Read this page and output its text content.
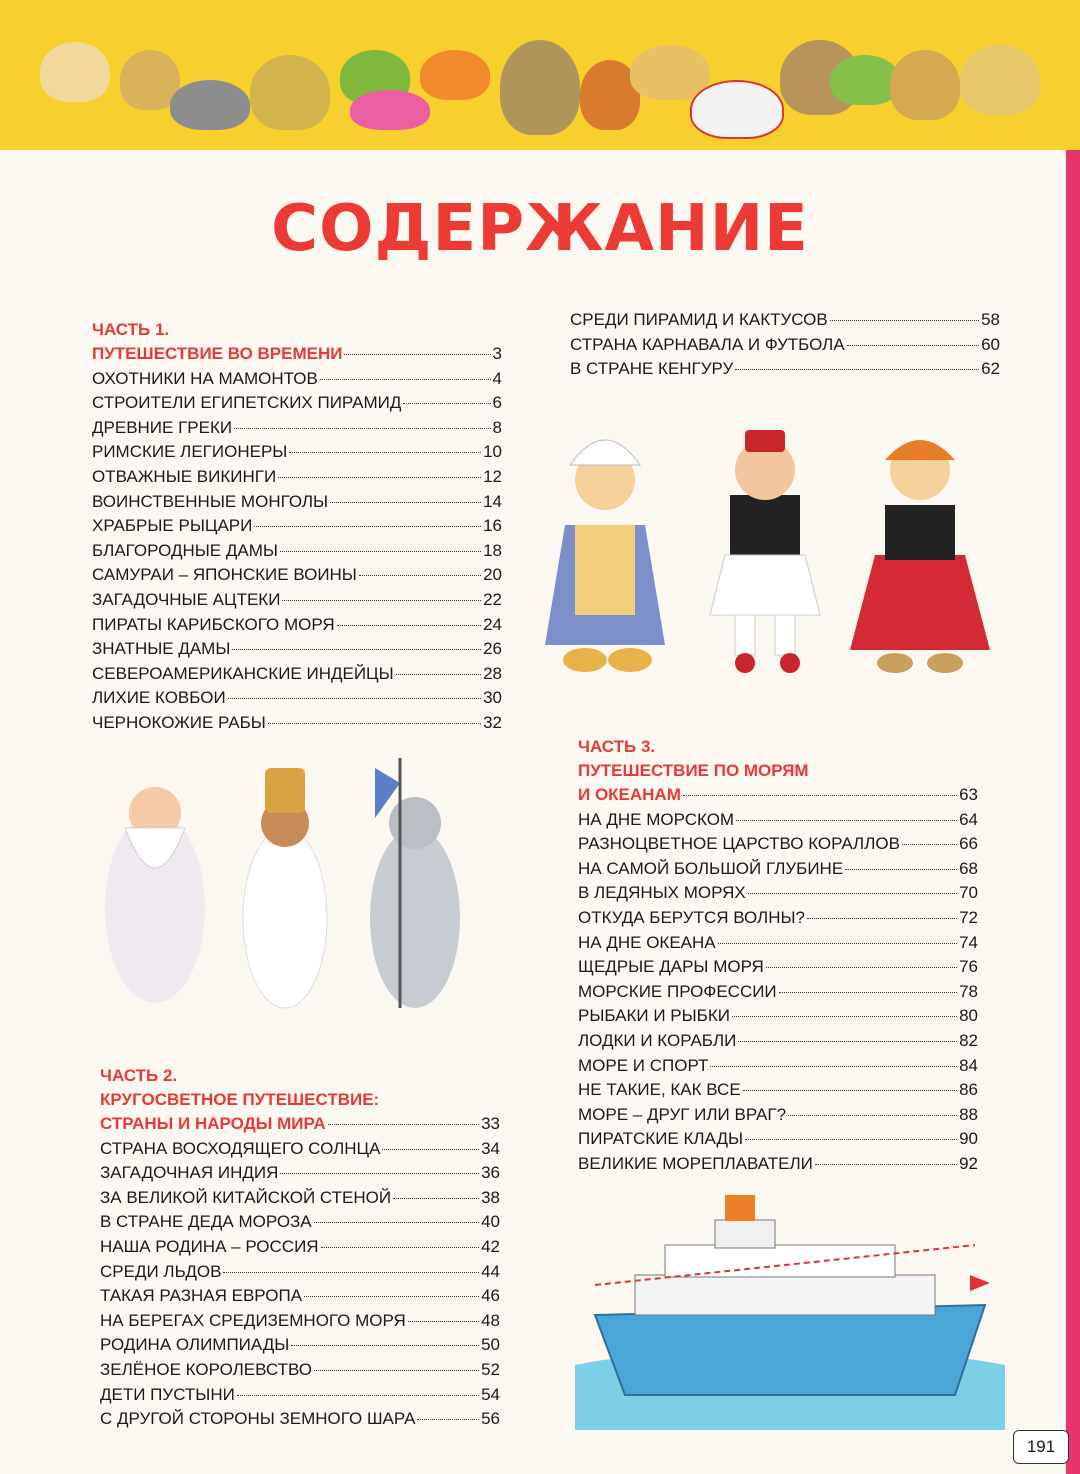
СОДЕРЖАНИЕ
ЧАСТЬ 1.
ПУТЕШЕСТВИЕ ВО ВРЕМЕНИ	3
ОХОТНИКИ НА МАМОНТОВ	4
СТРОИТЕЛИ ЕГИПЕТСКИХ ПИРАМИД	6
ДРЕВНИЕ ГРЕКИ	8
РИМСКИЕ ЛЕГИОНЕРЫ	10
ОТВАЖНЫЕ ВИКИНГИ	12
ВОИНСТВЕННЫЕ МОНГОЛЫ	14
ХРАБРЫЕ РЫЦАРИ	16
БЛАГОРОДНЫЕ ДАМЫ	18
САМУРАИ – ЯПОНСКИЕ ВОИНЫ	20
ЗАГАДОЧНЫЕ АЦТЕКИ	22
ПИРАТЫ КАРИБСКОГО МОРЯ	24
ЗНАТНЫЕ ДАМЫ	26
СЕВЕРОАМЕРИКАНСКИЕ ИНДЕЙЦЫ	28
ЛИХИЕ КОВБОИ	30
ЧЕРНОКОЖИЕ РАБЫ	32
ЧАСТЬ 2.
КРУГОСВЕТНОЕ ПУТЕШЕСТВИЕ:
СТРАНЫ И НАРОДЫ МИРА	33
СТРАНА ВОСХОДЯЩЕГО СОЛНЦА	34
ЗАГАДОЧНАЯ ИНДИЯ	36
ЗА ВЕЛИКОЙ КИТАЙСКОЙ СТЕНОЙ	38
В СТРАНЕ ДЕДА МОРОЗА	40
НАША РОДИНА – РОССИЯ	42
СРЕДИ ЛЬДОВ	44
ТАКАЯ РАЗНАЯ ЕВРОПА	46
НА БЕРЕГАХ СРЕДИЗЕМНОГО МОРЯ	48
РОДИНА ОЛИМПИАДЫ	50
ЗЕЛЁНОЕ КОРОЛЕВСТВО	52
ДЕТИ ПУСТЫНИ	54
С ДРУГОЙ СТОРОНЫ ЗЕМНОГО ШАРА	56
СРЕДИ ПИРАМИД И КАКТУСОВ	58
СТРАНА КАРНАВАЛА И ФУТБОЛА	60
В СТРАНЕ КЕНГУРУ	62
ЧАСТЬ 3.
ПУТЕШЕСТВИЕ ПО МОРЯМ
И ОКЕАНАМ	63
НА ДНЕ МОРСКОМ	64
РАЗНОЦВЕТНОЕ ЦАРСТВО КОРАЛЛОВ	66
НА САМОЙ БОЛЬШОЙ ГЛУБИНЕ	68
В ЛЕДЯНЫХ МОРЯХ	70
ОТКУДА БЕРУТСЯ ВОЛНЫ?	72
НА ДНЕ ОКЕАНА	74
ЩЕДРЫЕ ДАРЫ МОРЯ	76
МОРСКИЕ ПРОФЕССИИ	78
РЫБАКИ И РЫБКИ	80
ЛОДКИ И КОРАБЛИ	82
МОРЕ И СПОРТ	84
НЕ ТАКИЕ, КАК ВСЕ	86
МОРЕ – ДРУГ ИЛИ ВРАГ?	88
ПИРАТСКИЕ КЛАДЫ	90
ВЕЛИКИЕ МОРЕПЛАВАТЕЛИ	92
191
